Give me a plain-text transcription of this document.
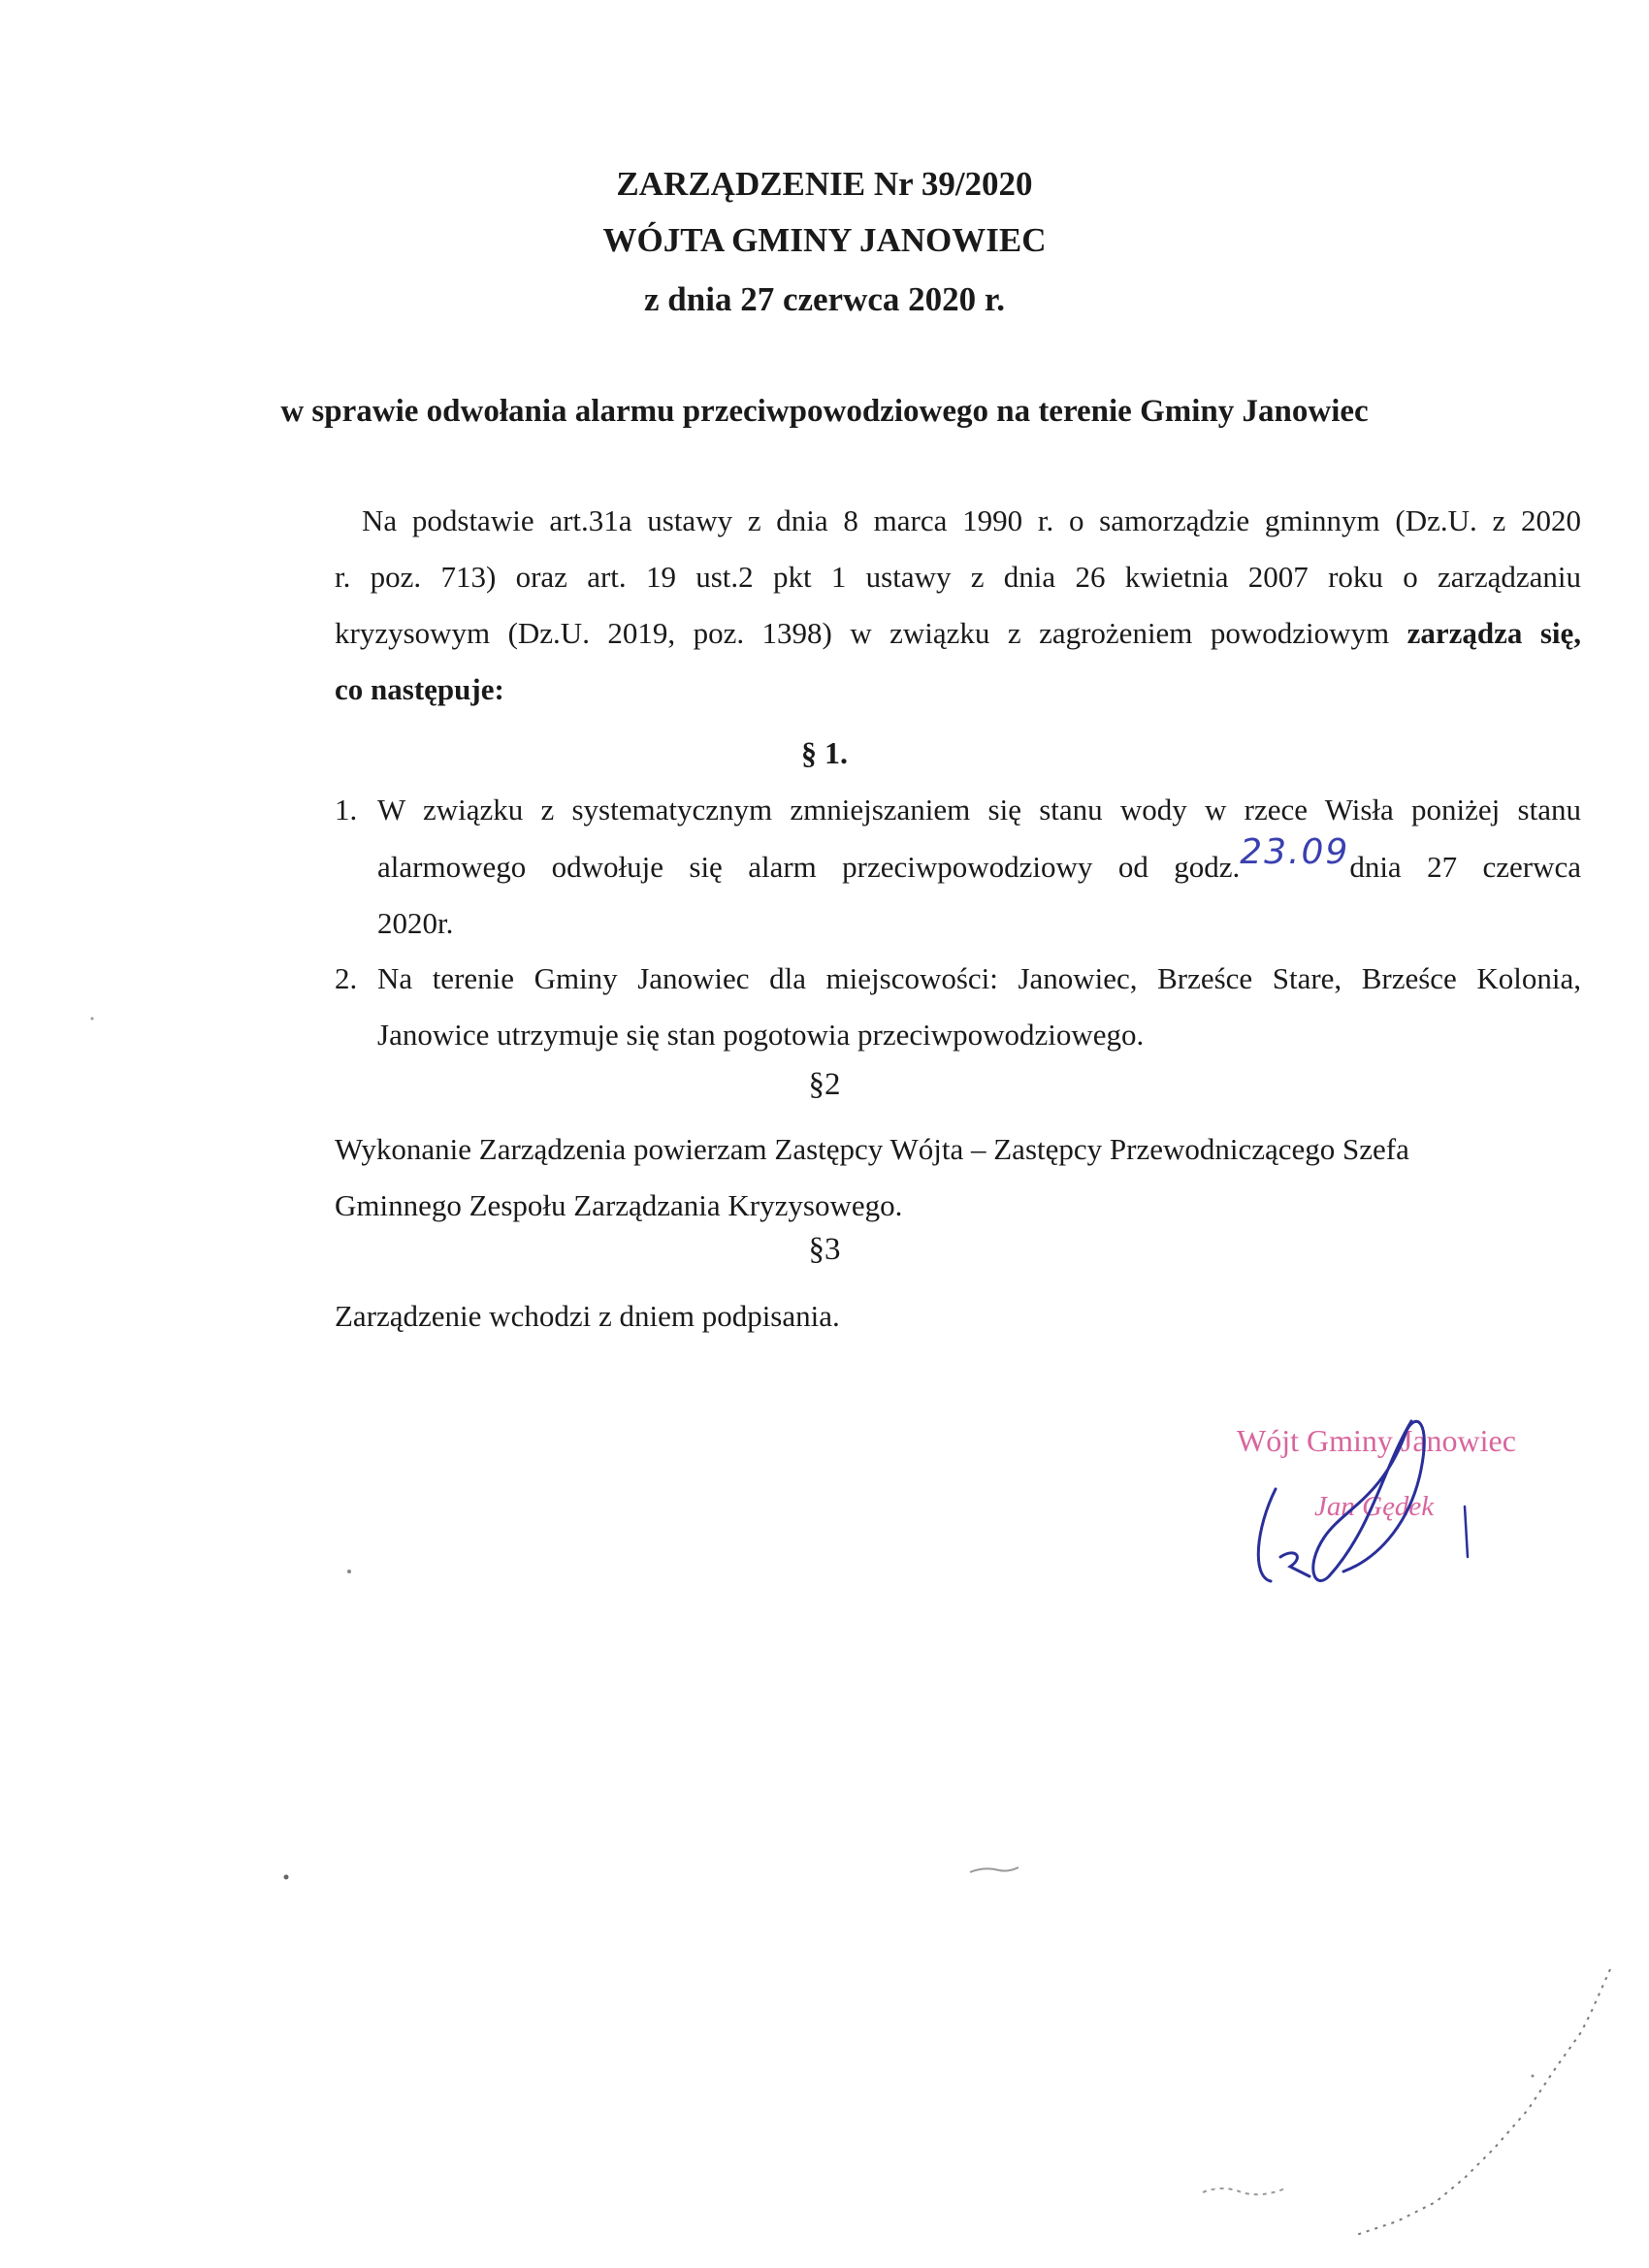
ZARZĄDZENIE Nr 39/2020
WÓJTA GMINY JANOWIEC
z dnia 27 czerwca 2020 r.
w sprawie odwołania alarmu przeciwpowodziowego na terenie Gminy Janowiec
Na podstawie art.31a ustawy z dnia 8 marca 1990 r. o samorządzie gminnym (Dz.U. z 2020
r. poz. 713) oraz art. 19 ust.2 pkt 1 ustawy z dnia 26 kwietnia 2007 roku o zarządzaniu
kryzysowym (Dz.U. 2019, poz. 1398) w związku z zagrożeniem powodziowym zarządza się,
co następuje:
§ 1.
1. W związku z systematycznym zmniejszaniem się stanu wody w rzece Wisła poniżej stanu
alarmowego odwołuje się alarm przeciwpowodziowy od godz.23.09dnia 27 czerwca
2020r.
2. Na terenie Gminy Janowiec dla miejscowości: Janowiec, Brześce Stare, Brześce Kolonia,
Janowice utrzymuje się stan pogotowia przeciwpowodziowego.
§2
Wykonanie Zarządzenia powierzam Zastępcy Wójta – Zastępcy Przewodniczącego Szefa
Gminnego Zespołu Zarządzania Kryzysowego.
§3
Zarządzenie wchodzi z dniem podpisania.
Wójt Gminy Janowiec
Jan Gędek
